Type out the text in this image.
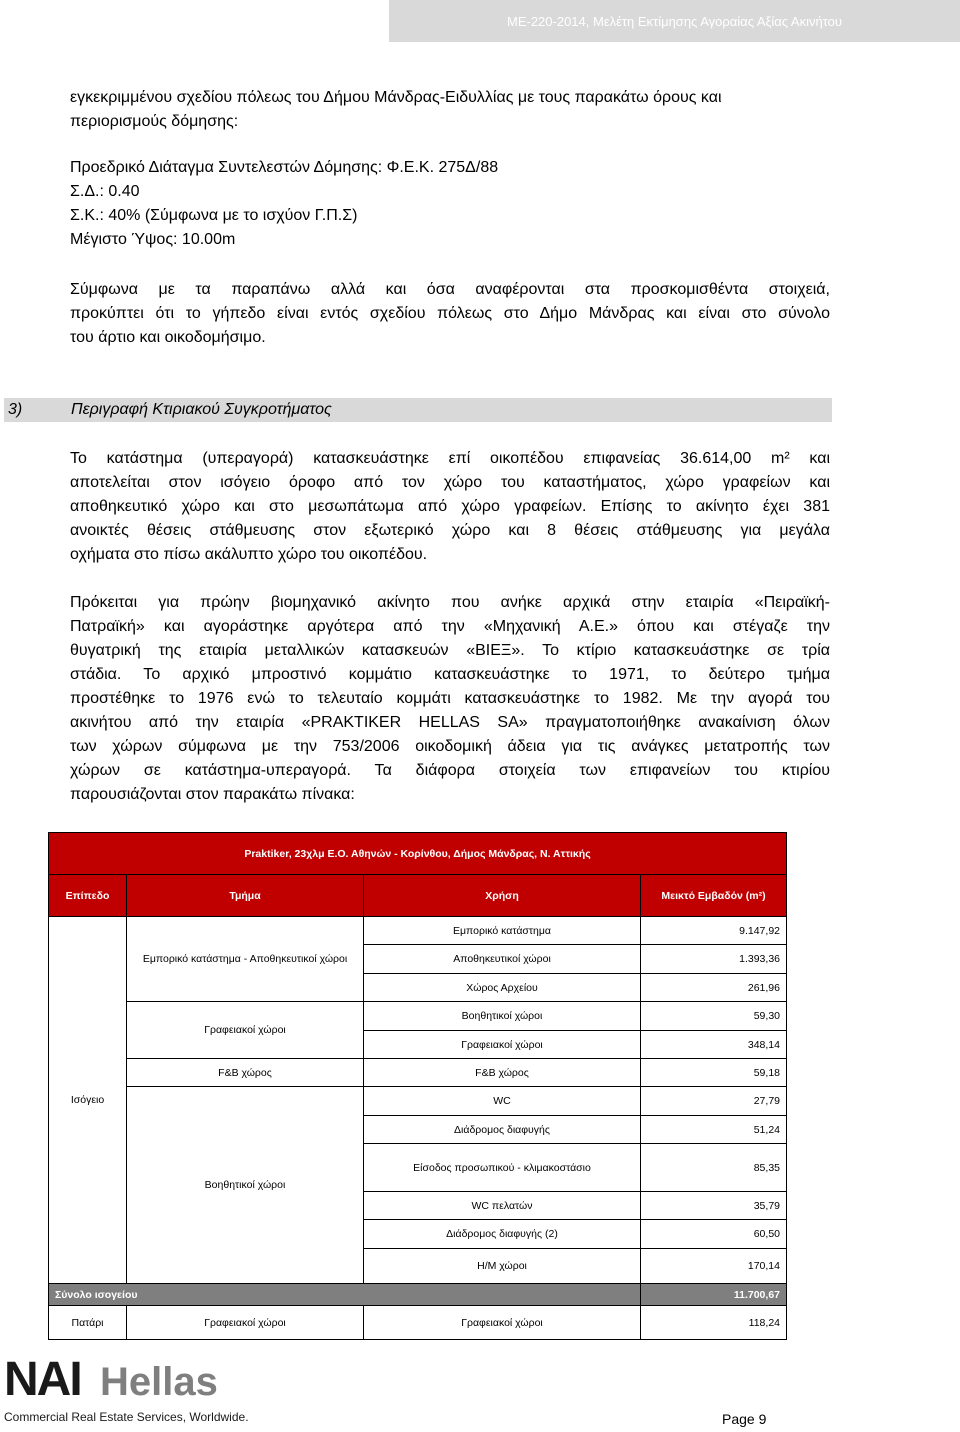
ΜΕ-220-2014, Μελέτη Εκτίμησης Αγοραίας Αξίας Ακινήτου
εγκεκριμμένου σχεδίου πόλεως του Δήμου Μάνδρας-Ειδυλλίας με τους παρακάτω όρους και
περιορισμούς δόμησης:
Προεδρικό Διάταγμα Συντελεστών Δόμησης: Φ.Ε.Κ. 275Δ/88
Σ.Δ.: 0.40
Σ.Κ.: 40% (Σύμφωνα με το ισχύον Γ.Π.Σ)
Μέγιστο Ύψος: 10.00m
Σύμφωνα με τα παραπάνω αλλά και όσα αναφέρονται στα προσκομισθέντα στοιχειά,
προκύπτει ότι το γήπεδο είναι εντός σχεδίου πόλεως στο Δήμο Μάνδρας και είναι στο σύνολο
του άρτιο και οικοδομήσιμο.
3)	Περιγραφή Κτιριακού Συγκροτήματος
Το κατάστημα (υπεραγορά) κατασκευάστηκε επί οικοπέδου επιφανείας 36.614,00 m² και
αποτελείται στον ισόγειο όροφο από τον χώρο του καταστήματος, χώρο γραφείων και
αποθηκευτικό χώρο και στο μεσωπάτωμα από χώρο γραφείων. Επίσης το ακίνητο έχει 381
ανοικτές θέσεις στάθμευσης στον εξωτερικό χώρο και 8 θέσεις στάθμευσης για μεγάλα
οχήματα στο πίσω ακάλυπτο χώρο του οικοπέδου.
Πρόκειται για πρώην βιομηχανικό ακίνητο που ανήκε αρχικά στην εταιρία «Πειραϊκή-
Πατραϊκή» και αγοράστηκε αργότερα από την «Μηχανική Α.Ε.» όπου και στέγαζε την
θυγατρική της εταιρία μεταλλικών κατασκευών «ΒΙΕΞ». Το κτίριο κατασκευάστηκε σε τρία
στάδια. Το αρχικό μπροστινό κομμάτιο κατασκευάστηκε το 1971, το δεύτερο τμήμα
προστέθηκε το 1976 ενώ το τελευταίο κομμάτι κατασκευάστηκε το 1982. Με την αγορά του
ακινήτου από την εταιρία «PRAKTIKER HELLAS SA» πραγματοποιήθηκε ανακαίνιση όλων
των χώρων σύμφωνα με την 753/2006 οικοδομική άδεια για τις ανάγκες μετατροπής των
χώρων σε κατάστημα-υπεραγορά. Τα διάφορα στοιχεία των επιφανείων του κτιρίου
παρουσιάζονται στον παρακάτω πίνακα:
Praktiker, 23χλμ Ε.Ο. Αθηνών - Κορίνθου, Δήμος Μάνδρας, Ν. Αττικής			
Επίπεδο	Τμήμα	Χρήση	Μεικτό Εμβαδόν (m²)
Ισόγειο	Εμπορικό κατάστημα - Αποθηκευτικοί χώροι	Εμπορικό κατάστημα	9.147,92
		Αποθηκευτικοί χώροι	1.393,36
		Χώρος Αρχείου	261,96
	Γραφειακοί χώροι	Βοηθητικοί χώροι	59,30
		Γραφειακοί χώροι	348,14
	F&B χώρος	F&B χώρος	59,18
	Βοηθητικοί χώροι	WC	27,79
		Διάδρομος διαφυγής	51,24
		Είσοδος προσωπικού - κλιμακοστάσιο	85,35
		WC πελατών	35,79
		Διάδρομος διαφυγής (2)	60,50
		Η/Μ χώροι	170,14
Σύνολο ισογείου			11.700,67
Πατάρι	Γραφειακοί χώροι	Γραφειακοί χώροι	118,24
NAI Hellas
Commercial Real Estate Services, Worldwide.	Page 9
